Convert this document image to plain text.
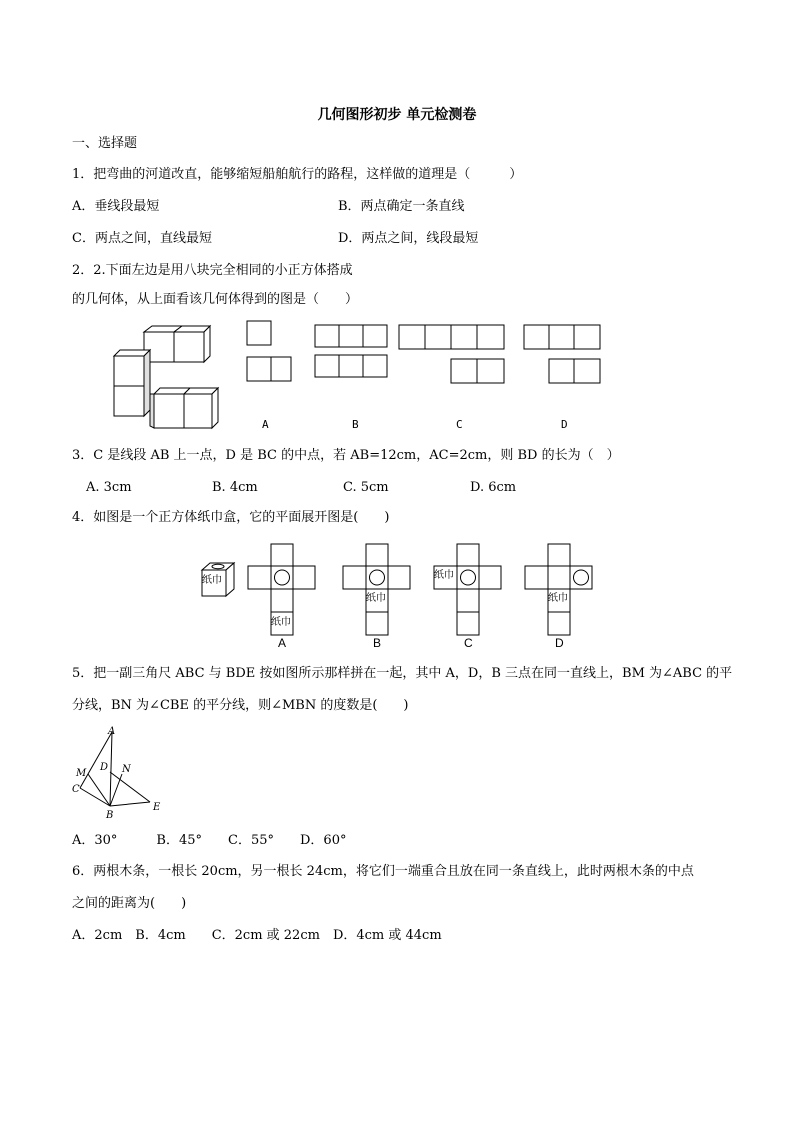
几何图形初步 单元检测卷
一、选择题
1．把弯曲的河道改直，能够缩短船舶航行的路程，这样做的道理是（　　　）
A．垂线段最短	B．两点确定一条直线
C．两点之间，直线最短	D．两点之间，线段最短
2．2.下面左边是用八块完全相同的小正方体搭成
的几何体，从上面看该几何体得到的图是（　　）
A	B	C	D
3．C 是线段 AB 上一点，D 是 BC 的中点，若 AB=12cm，AC=2cm，则 BD 的长为（　）
A. 3cm	B. 4cm	C. 5cm	D. 6cm
4．如图是一个正方体纸巾盒，它的平面展开图是(　　)
纸巾
纸巾
纸巾
纸巾
纸巾
A	B	C	D
5．把一副三角尺 ABC 与 BDE 按如图所示那样拼在一起，其中 A，D，B 三点在同一直线上，BM 为∠ABC 的平
分线，BN 为∠CBE 的平分线，则∠MBN 的度数是(　　)
A
M
D N
C
B
E
A．30°　　　B．45°　　C．55°　　D．60°
6．两根木条，一根长 20cm，另一根长 24cm，将它们一端重合且放在同一条直线上，此时两根木条的中点
之间的距离为(　　)
A．2cm　B．4cm　　C．2cm 或 22cm　D．4cm 或 44cm
